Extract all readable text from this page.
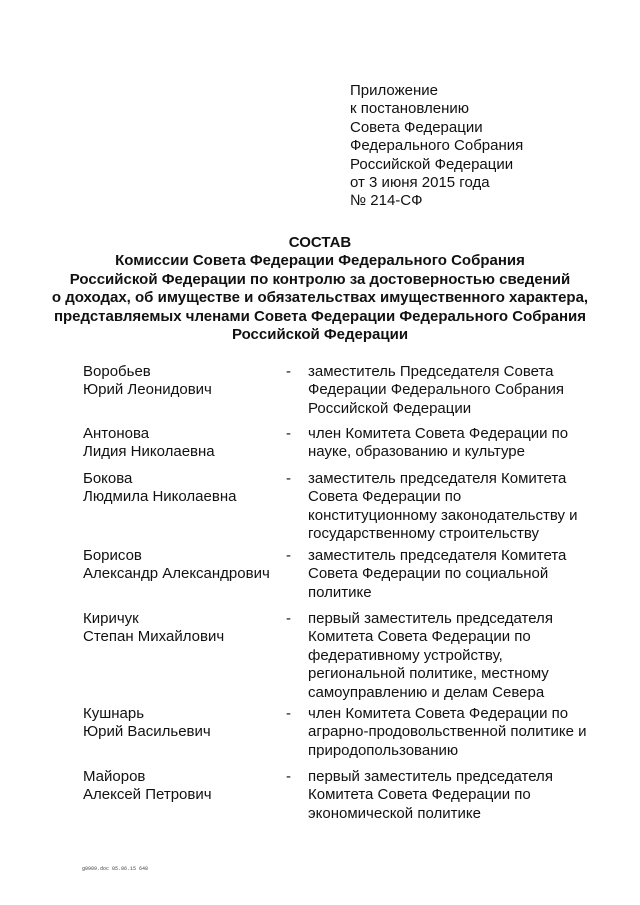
Приложение
к постановлению
Совета Федерации
Федерального Собрания
Российской Федерации
от 3 июня 2015 года
№ 214-СФ
СОСТАВ
Комиссии Совета Федерации Федерального Собрания
Российской Федерации по контролю за достоверностью сведений
о доходах, об имуществе и обязательствах имущественного характера,
представляемых членами Совета Федерации Федерального Собрания
Российской Федерации
Воробьев
Юрий Леонидович
- заместитель Председателя Совета
Федерации Федерального Собрания
Российской Федерации
Антонова
Лидия Николаевна
- член Комитета Совета Федерации по
науке, образованию и культуре
Бокова
Людмила Николаевна
- заместитель председателя Комитета
Совета Федерации по
конституционному законодательству и
государственному строительству
Борисов
Александр Александрович
- заместитель председателя Комитета
Совета Федерации по социальной
политике
Киричук
Степан Михайлович
- первый заместитель председателя
Комитета Совета Федерации по
федеративному устройству,
региональной политике, местному
самоуправлению и делам Севера
Кушнарь
Юрий Васильевич
- член Комитета Совета Федерации по
аграрно-продовольственной политике и
природопользованию
Майоров
Алексей Петрович
- первый заместитель председателя
Комитета Совета Федерации по
экономической политике
g0909.doc 05.06.15 648
